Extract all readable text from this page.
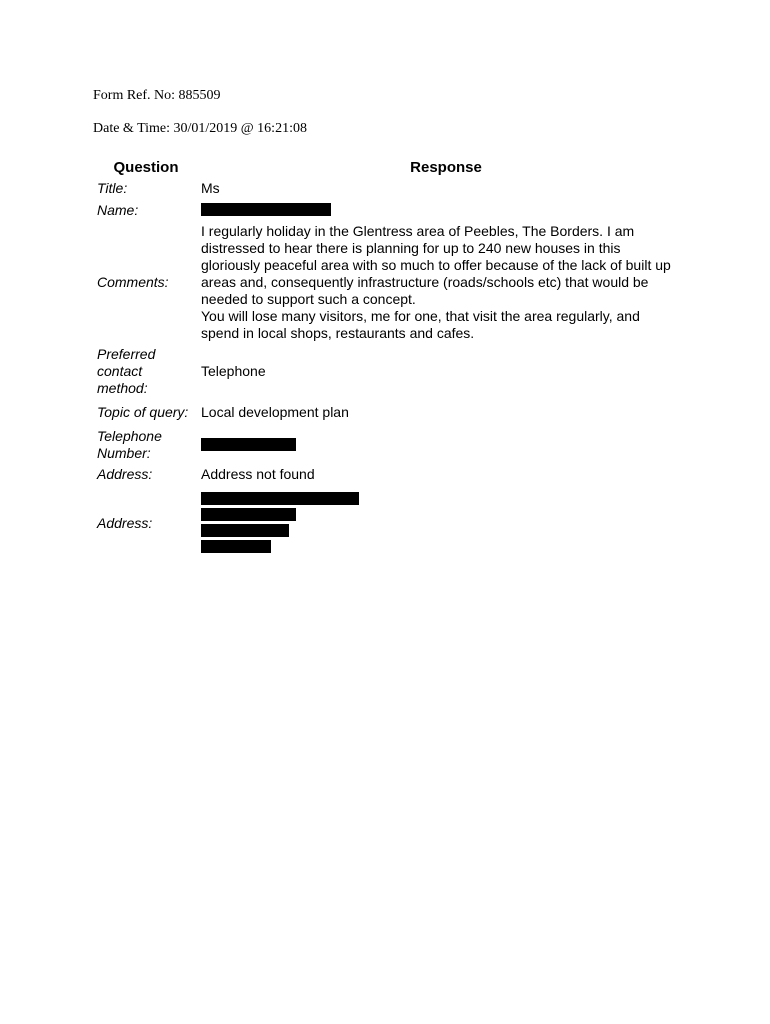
Form Ref. No: 885509
Date & Time: 30/01/2019 @ 16:21:08
Question	Response
Title:	Ms
Name:	

Comments:	I regularly holiday in the Glentress area of Peebles, The Borders. I am distressed to hear there is planning for up to 240 new houses in this gloriously peaceful area with so much to offer because of the lack of built up areas and, consequently infrastructure (roads/schools etc) that would be needed to support such a concept.
You will lose many visitors, me for one, that visit the area regularly, and spend in local shops, restaurants and cafes.
Preferred contact method:	Telephone
Topic of query:	Local development plan
Telephone Number:	

Address:	Address not found
Address:	
